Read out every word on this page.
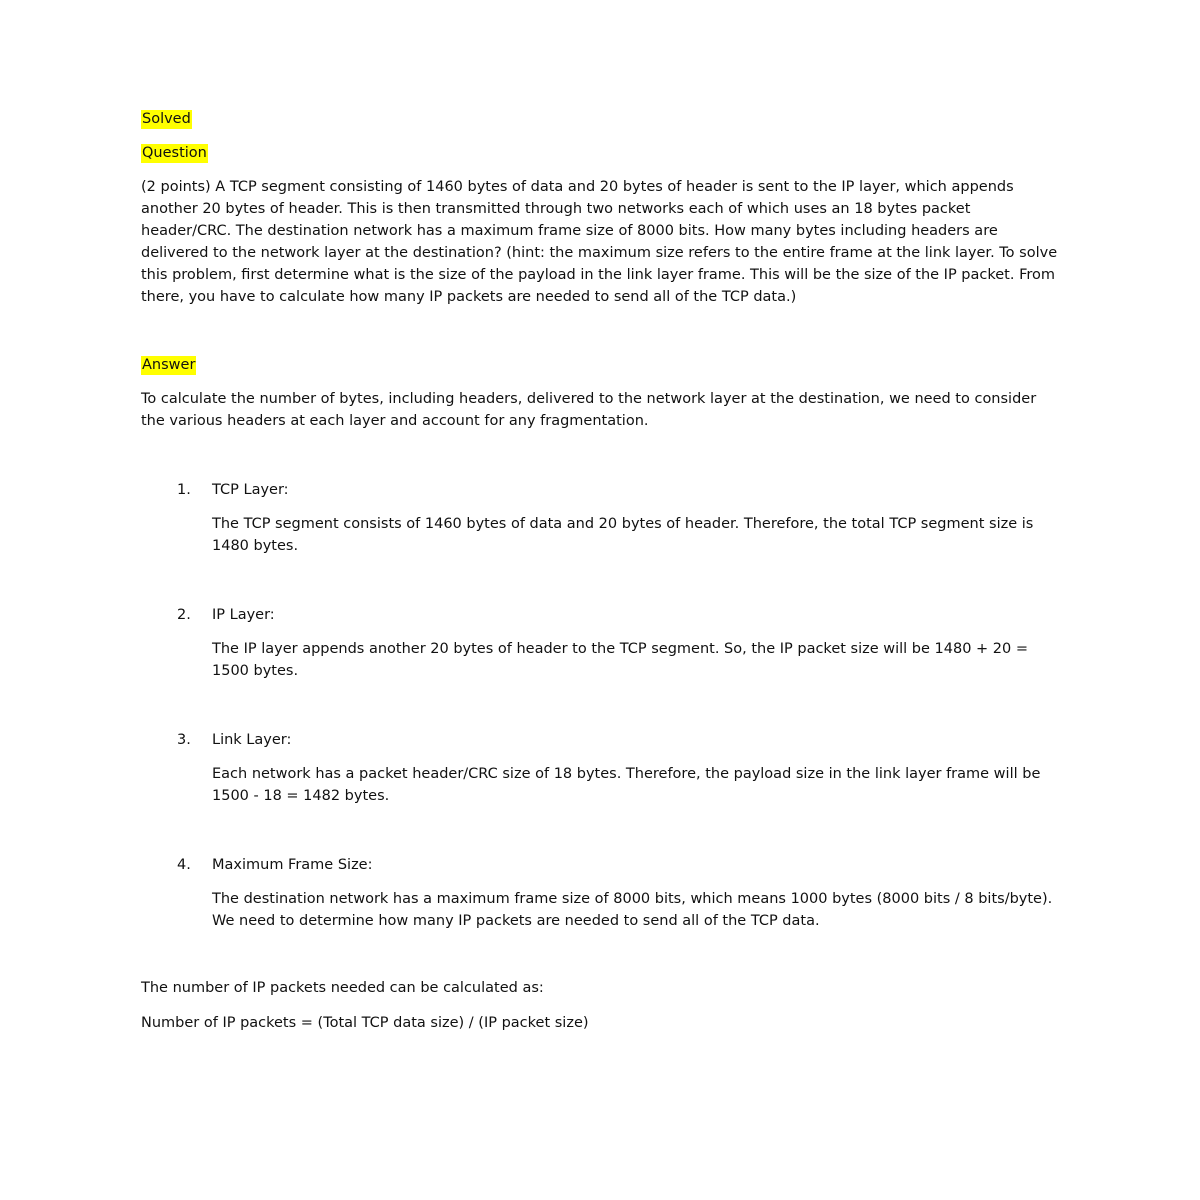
Solved

Question

(2 points) A TCP segment consisting of 1460 bytes of data and 20 bytes of header is sent to the IP layer, which appends another 20 bytes of header. This is then transmitted through two networks each of which uses an 18 bytes packet header/CRC. The destination network has a maximum frame size of 8000 bits. How many bytes including headers are delivered to the network layer at the destination? (hint: the maximum size refers to the entire frame at the link layer. To solve this problem, first determine what is the size of the payload in the link layer frame. This will be the size of the IP packet. From there, you have to calculate how many IP packets are needed to send all of the TCP data.)

Answer

To calculate the number of bytes, including headers, delivered to the network layer at the destination, we need to consider the various headers at each layer and account for any fragmentation.

1. TCP Layer:

The TCP segment consists of 1460 bytes of data and 20 bytes of header. Therefore, the total TCP segment size is 1480 bytes.

2. IP Layer:

The IP layer appends another 20 bytes of header to the TCP segment. So, the IP packet size will be 1480 + 20 = 1500 bytes.

3. Link Layer:

Each network has a packet header/CRC size of 18 bytes. Therefore, the payload size in the link layer frame will be 1500 - 18 = 1482 bytes.

4. Maximum Frame Size:

The destination network has a maximum frame size of 8000 bits, which means 1000 bytes (8000 bits / 8 bits/byte). We need to determine how many IP packets are needed to send all of the TCP data.

The number of IP packets needed can be calculated as:

Number of IP packets = (Total TCP data size) / (IP packet size)
